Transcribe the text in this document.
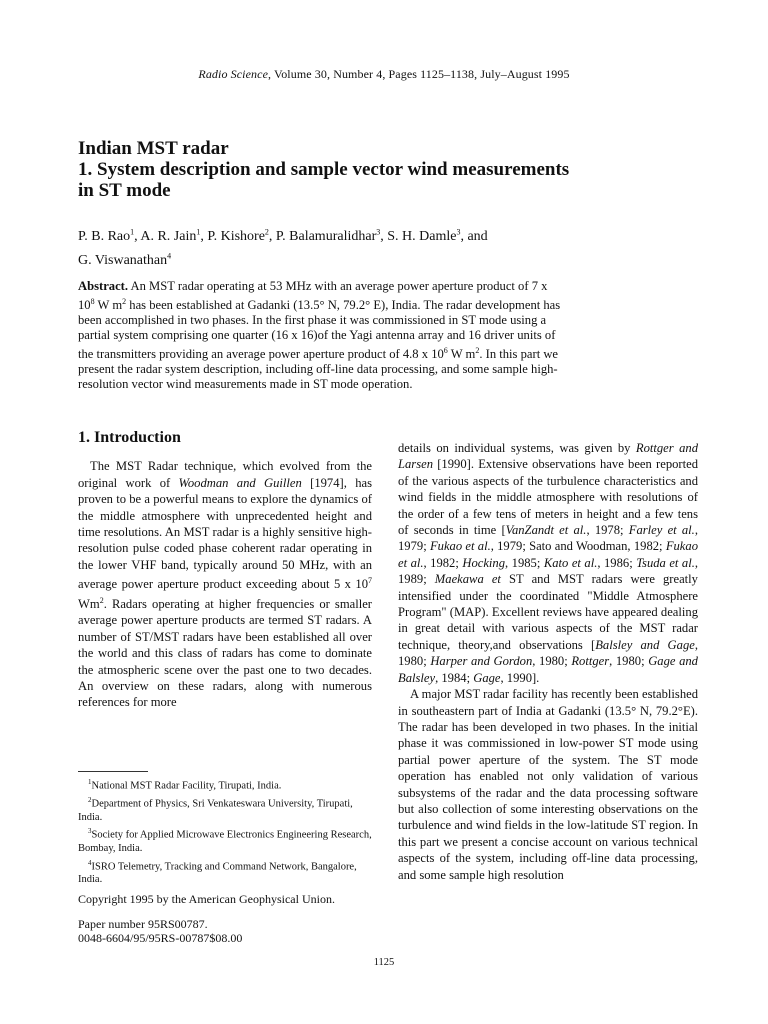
Radio Science, Volume 30, Number 4, Pages 1125–1138, July–August 1995
Indian MST radar
1. System description and sample vector wind measurements
in ST mode
P. B. Rao$^1$, A. R. Jain$^1$, P. Kishore$^2$, P. Balamuralidhar$^3$, S. H. Damle$^3$, and
G. Viswanathan$^4$
Abstract. An MST radar operating at 53 MHz with an average power aperture product of 7 x $10^8$ W $m^2$ has been established at Gadanki (13.5° N, 79.2° E), India. The radar development has been accomplished in two phases. In the first phase it was commissioned in ST mode using a partial system comprising one quarter (16 x 16)of the Yagi antenna array and 16 driver units of the transmitters providing an average power aperture product of 4.8 x $10^6$ W $m^2$. In this part we present the radar system description, including off-line data processing, and some sample high-resolution vector wind measurements made in ST mode operation.
1. Introduction

The MST Radar technique, which evolved from the original work of Woodman and Guillen [1974], has proven to be a powerful means to explore the dynamics of the middle atmosphere with unprecedented height and time resolutions. An MST radar is a highly sensitive high-resolution pulse coded phase coherent radar operating in the lower VHF band, typically around 50 MHz, with an average power aperture product exceeding about 5 x $10^7$ Wm$^2$. Radars operating at higher frequencies or smaller average power aperture products are termed ST radars. A number of ST/MST radars have been established all over the world and this class of radars has come to dominate the atmospheric scene over the past one to two decades. An overview on these radars, along with numerous references for more

details on individual systems, was given by Rottger and Larsen [1990]. Extensive observations have been reported of the various aspects of the turbulence characteristics and wind fields in the middle atmosphere with resolutions of the order of a few tens of meters in height and a few tens of seconds in time [VanZandt et al., 1978; Farley et al., 1979; Fukao et al., 1979; Sato and Woodman, 1982; Fukao et al., 1982; Hocking, 1985; Kato et al., 1986; Tsuda et al., 1989; Maekawa et ST and MST radars were greatly intensified under the coordinated "Middle Atmosphere Program" (MAP). Excellent reviews have appeared dealing in great detail with various aspects of the MST radar technique, theory,and observations [Balsley and Gage, 1980; Harper and Gordon, 1980; Rottger, 1980; Gage and Balsley, 1984; Gage, 1990].

A major MST radar facility has recently been established in southeastern part of India at Gadanki (13.5° N, 79.2°E). The radar has been developed in two phases. In the initial phase it was commissioned in low-power ST mode using partial power aperture of the system. The ST mode operation has enabled not only validation of various subsystems of the radar and the data processing software but also collection of some interesting observations on the turbulence and wind fields in the low-latitude ST region. In this part we present a concise account on various technical aspects of the system, including off-line data processing, and some sample high resolution

$^1$National MST Radar Facility, Tirupati, India.
$^2$Department of Physics, Sri Venkateswara University, Tirupati, India.
$^3$Society for Applied Microwave Electronics Engineering Research, Bombay, India.
$^4$ISRO Telemetry, Tracking and Command Network, Bangalore, India.
Copyright 1995 by the American Geophysical Union.
Paper number 95RS00787.
0048-6604/95/95RS-00787$08.00
1125
